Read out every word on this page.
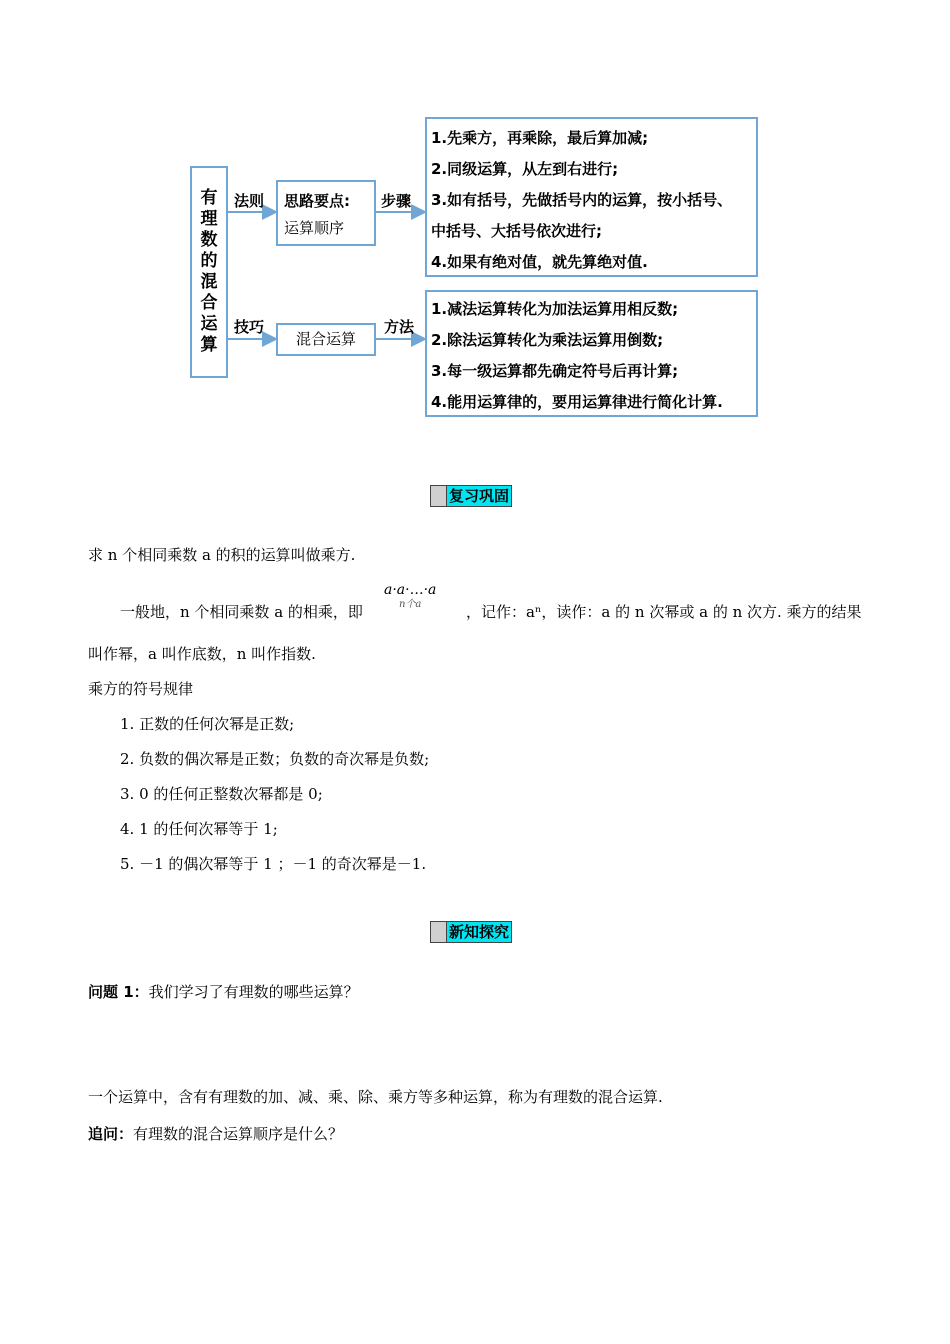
有理数的混合运算
法则
技巧
思路要点:
运算顺序
步骤
方法
混合运算
1.先乘方，再乘除，最后算加减;
2.同级运算，从左到右进行;
3.如有括号，先做括号内的运算，按小括号、
中括号、大括号依次进行;
4.如果有绝对值，就先算绝对值.
1.减法运算转化为加法运算用相反数;
2.除法运算转化为乘法运算用倒数;
3.每一级运算都先确定符号后再计算;
4.能用运算律的，要用运算律进行简化计算.
复习巩固
求 n 个相同乘数 a 的积的运算叫做乘方.
a·a·…·a
n个a
一般地，n 个相同乘数 a 的相乘，即	，记作：aⁿ，读作：a 的 n 次幂或 a 的 n 次方. 乘方的结果
叫作幂，a 叫作底数，n 叫作指数.
乘方的符号规律
1. 正数的任何次幂是正数;
2. 负数的偶次幂是正数；负数的奇次幂是负数;
3. 0 的任何正整数次幂都是 0;
4. 1 的任何次幂等于 1;
5. －1 的偶次幂等于 1 ；－1 的奇次幂是－1.
新知探究
问题 1：我们学习了有理数的哪些运算？
一个运算中，含有有理数的加、减、乘、除、乘方等多种运算，称为有理数的混合运算.
追问：有理数的混合运算顺序是什么？
